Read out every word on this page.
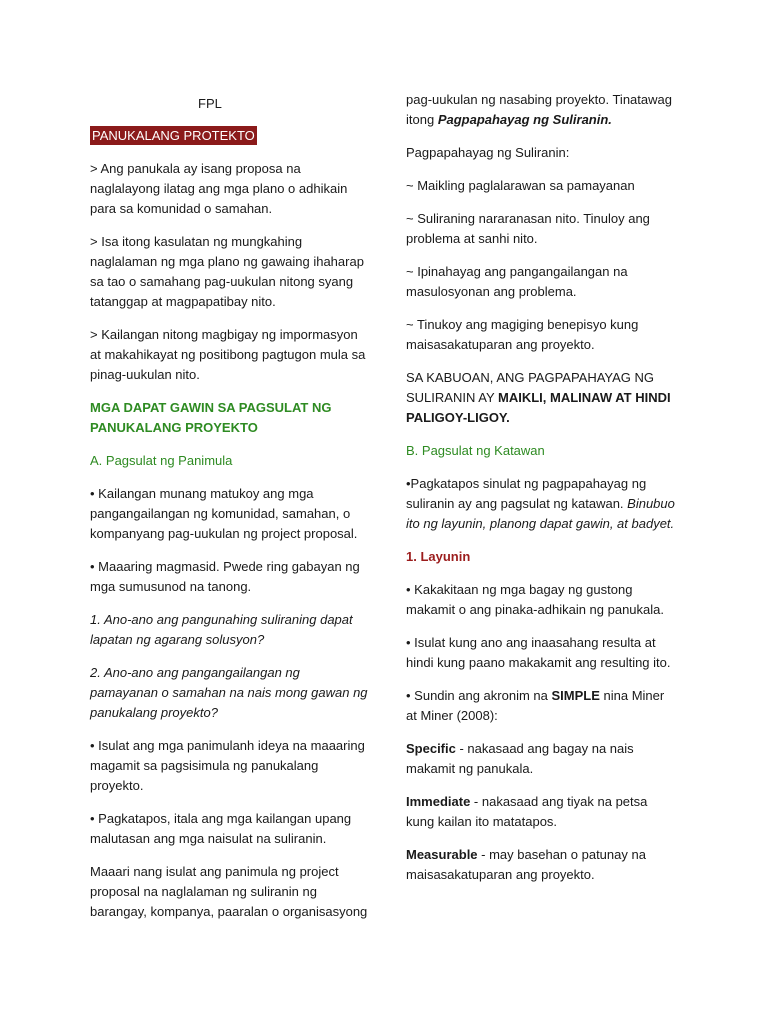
FPL

PANUKALANG PROTEKTO

> Ang panukala ay isang proposa na naglalayong ilatag ang mga plano o adhikain para sa komunidad o samahan.

> Isa itong kasulatan ng mungkahing naglalaman ng mga plano ng gawaing ihaharap sa tao o samahang pag-uukulan nitong syang tatanggap at magpapatibay nito.

> Kailangan nitong magbigay ng impormasyon at makahikayat ng positibong pagtugon mula sa pinag-uukulan nito.

MGA DAPAT GAWIN SA PAGSULAT NG PANUKALANG PROYEKTO

A. Pagsulat ng Panimula

• Kailangan munang matukoy ang mga pangangailangan ng komunidad, samahan, o kompanyang pag-uukulan ng project proposal.

• Maaaring magmasid. Pwede ring gabayan ng mga sumusunod na tanong.

1. Ano-ano ang pangunahing suliraning dapat lapatan ng agarang solusyon?

2. Ano-ano ang pangangailangan ng pamayanan o samahan na nais mong gawan ng panukalang proyekto?

• Isulat ang mga panimulanh ideya na maaaring magamit sa pagsisimula ng panukalang proyekto.

• Pagkatapos, itala ang mga kailangan upang malutasan ang mga naisulat na suliranin.

Maaari nang isulat ang panimula ng project proposal na naglalaman ng suliranin ng barangay, kompanya, paaralan o organisasyong

pag-uukulan ng nasabing proyekto. Tinatawag itong Pagpapahayag ng Suliranin.

Pagpapahayag ng Suliranin:

~ Maikling paglalarawan sa pamayanan

~ Suliraning nararanasan nito. Tinuloy ang problema at sanhi nito.

~ Ipinahayag ang pangangailangan na masulosyonan ang problema.

~ Tinukoy ang magiging benepisyo kung maisasakatuparan ang proyekto.

SA KABUOAN, ANG PAGPAPAHAYAG NG SULIRANIN AY MAIKLI, MALINAW AT HINDI PALIGOY-LIGOY.

B. Pagsulat ng Katawan

•Pagkatapos sinulat ng pagpapahayag ng suliranin ay ang pagsulat ng katawan. Binubuo ito ng layunin, planong dapat gawin, at badyet.

1. Layunin

• Kakakitaan ng mga bagay ng gustong makamit o ang pinaka-adhikain ng panukala.

• Isulat kung ano ang inaasahang resulta at hindi kung paano makakamit ang resulting ito.

• Sundin ang akronim na SIMPLE nina Miner at Miner (2008):

Specific - nakasaad ang bagay na nais makamit ng panukala.

Immediate - nakasaad ang tiyak na petsa kung kailan ito matatapos.

Measurable - may basehan o patunay na maisasakatuparan ang proyekto.
